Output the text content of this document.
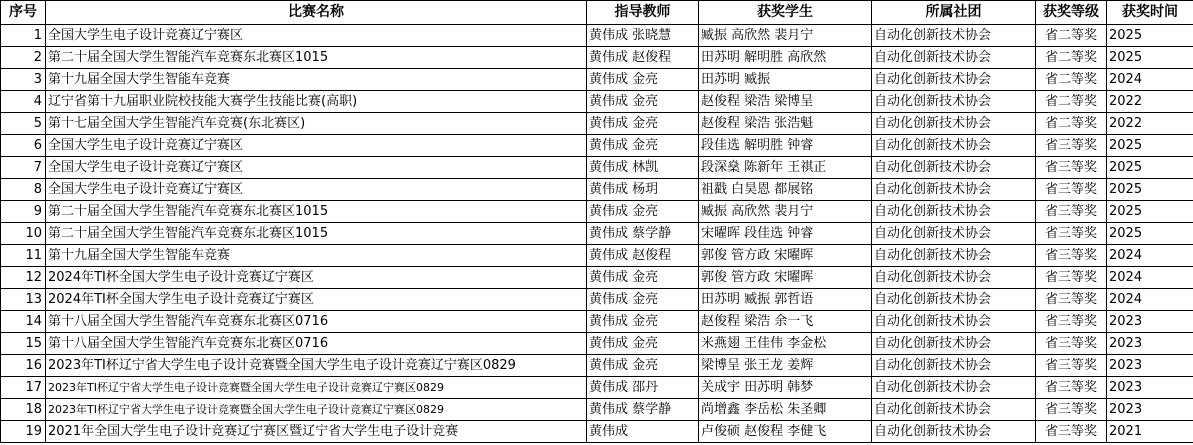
序号	比赛名称	指导教师	获奖学生	所属社团	获奖等级	获奖时间
1	全国大学生电子设计竞赛辽宁赛区	黄伟成 张晓慧	臧振 高欣然 裴月宁	自动化创新技术协会	省二等奖	2025
2	第二十届全国大学生智能汽车竞赛东北赛区1015	黄伟成 赵俊程	田苏明 解明胜 高欣然	自动化创新技术协会	省二等奖	2025
3	第十九届全国大学生智能车竞赛	黄伟成 金亮	田苏明 臧振	自动化创新技术协会	省二等奖	2024
4	辽宁省第十九届职业院校技能大赛学生技能比赛(高职)	黄伟成 金亮	赵俊程 梁浩 梁博呈	自动化创新技术协会	省二等奖	2022
5	第十七届全国大学生智能汽车竞赛(东北赛区)	黄伟成 金亮	赵俊程 梁浩 张浩魁	自动化创新技术协会	省二等奖	2022
6	全国大学生电子设计竞赛辽宁赛区	黄伟成 金亮	段佳选 解明胜 钟睿	自动化创新技术协会	省三等奖	2025
7	全国大学生电子设计竞赛辽宁赛区	黄伟成 林凯	段深燊 陈新年 王祺正	自动化创新技术协会	省三等奖	2025
8	全国大学生电子设计竞赛辽宁赛区	黄伟成 杨玥	祖戳 白昊恩 都展铭	自动化创新技术协会	省三等奖	2025
9	第二十届全国大学生智能汽车竞赛东北赛区1015	黄伟成 金亮	臧振 高欣然 裴月宁	自动化创新技术协会	省三等奖	2025
10	第二十届全国大学生智能汽车竞赛东北赛区1015	黄伟成 蔡学静	宋曜晖 段佳选 钟睿	自动化创新技术协会	省三等奖	2025
11	第十九届全国大学生智能车竞赛	黄伟成 赵俊程	郭俊 管方政 宋曜晖	自动化创新技术协会	省三等奖	2024
12	2024年TI杯全国大学生电子设计竞赛辽宁赛区	黄伟成 金亮	郭俊 管方政 宋曜晖	自动化创新技术协会	省三等奖	2024
13	2024年TI杯全国大学生电子设计竞赛辽宁赛区	黄伟成 金亮	田苏明 臧振 郭哲语	自动化创新技术协会	省三等奖	2024
14	第十八届全国大学生智能汽车竞赛东北赛区0716	黄伟成 金亮	赵俊程 梁浩 余一飞	自动化创新技术协会	省三等奖	2023
15	第十八届全国大学生智能汽车竞赛东北赛区0716	黄伟成 金亮	米燕翅 王佳伟 李金松	自动化创新技术协会	省三等奖	2023
16	2023年TI杯辽宁省大学生电子设计竞赛暨全国大学生电子设计竞赛辽宁赛区0829	黄伟成 金亮	梁博呈 张王龙 姜辉	自动化创新技术协会	省三等奖	2023
17	2023年TI杯辽宁省大学生电子设计竞赛暨全国大学生电子设计竞赛辽宁赛区0829	黄伟成 邵丹	关成宇 田苏明 韩梦	自动化创新技术协会	省三等奖	2023
18	2023年TI杯辽宁省大学生电子设计竞赛暨全国大学生电子设计竞赛辽宁赛区0829	黄伟成 蔡学静	尚增鑫 李岳松 朱圣卿	自动化创新技术协会	省三等奖	2023
19	2021年全国大学生电子设计竞赛辽宁赛区暨辽宁省大学生电子设计竞赛	黄伟成	卢俊硕 赵俊程 李健飞	自动化创新技术协会	省三等奖	2021
